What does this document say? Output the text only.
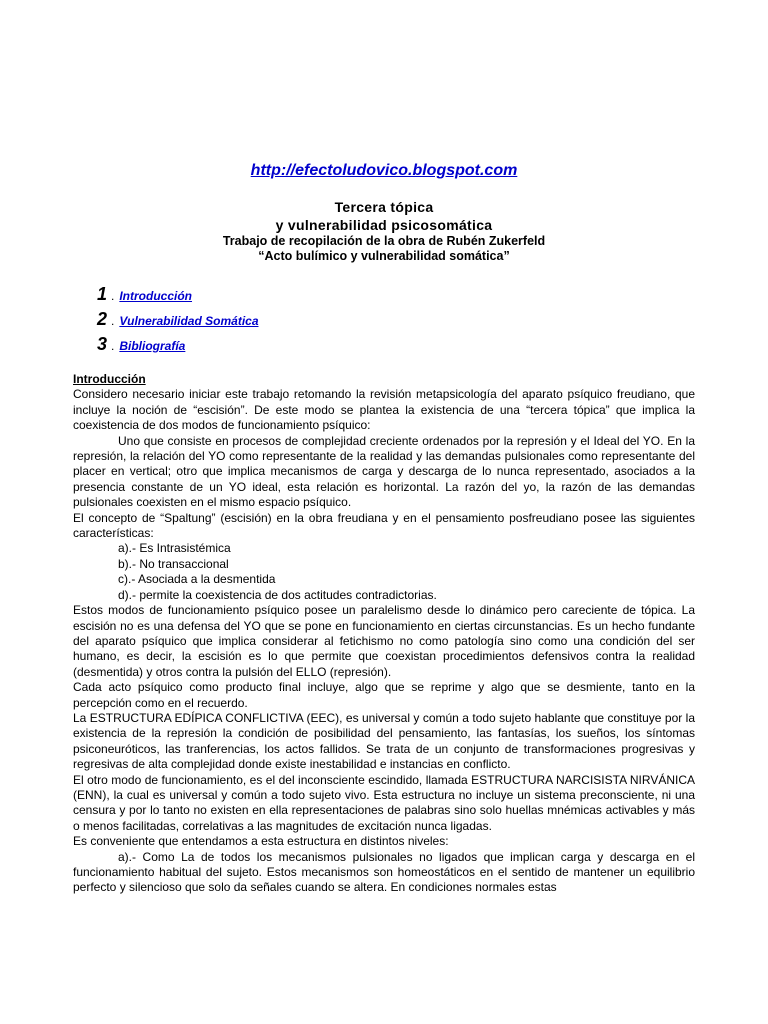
http://efectoludovico.blogspot.com
Tercera tópica
y vulnerabilidad psicosomática
Trabajo de recopilación de la obra de Rubén Zukerfeld
“Acto bulímico y vulnerabilidad somática”
1 . Introducción
2 . Vulnerabilidad Somática
3 . Bibliografía

Introducción

Considero necesario iniciar este trabajo retomando la revisión metapsicología del aparato psíquico freudiano, que incluye la noción de “escisión”. De este modo se plantea la existencia de una “tercera tópica” que implica la coexistencia de dos modos de funcionamiento psíquico:

Uno que consiste en procesos de complejidad creciente ordenados por la represión y el Ideal del YO. En la represión, la relación del YO como representante de la realidad y las demandas pulsionales como representante del placer en vertical; otro que implica mecanismos de carga y descarga de lo nunca representado, asociados a la presencia constante de un YO ideal, esta relación es horizontal. La razón del yo, la razón de las demandas pulsionales coexisten en el mismo espacio psíquico.

El concepto de “Spaltung” (escisión) en la obra freudiana y en el pensamiento posfreudiano posee las siguientes características:

a).- Es Intrasistémica

b).- No transaccional

c).- Asociada a la desmentida

d).- permite la coexistencia de dos actitudes contradictorias.

Estos modos de funcionamiento psíquico posee un paralelismo desde lo dinámico pero careciente de tópica. La escisión no es una defensa del YO que se pone en funcionamiento en ciertas circunstancias. Es un hecho fundante del aparato psíquico que implica considerar al fetichismo no como patología sino como una condición del ser humano, es decir, la escisión es lo que permite que coexistan procedimientos defensivos contra la realidad (desmentida) y otros contra la pulsión del ELLO (represión).

Cada acto psíquico como producto final incluye, algo que se reprime y algo que se desmiente, tanto en la percepción como en el recuerdo.

La ESTRUCTURA EDÍPICA CONFLICTIVA (EEC), es universal y común a todo sujeto hablante que constituye por la existencia de la represión la condición de posibilidad del pensamiento, las fantasías, los sueños, los síntomas psiconeuróticos, las tranferencias, los actos fallidos. Se trata de un conjunto de transformaciones progresivas y regresivas de alta complejidad donde existe inestabilidad e instancias en conflicto.

El otro modo de funcionamiento, es el del inconsciente escindido, llamada ESTRUCTURA NARCISISTA NIRVÁNICA (ENN), la cual es universal y común a todo sujeto vivo. Esta estructura no incluye un sistema preconsciente, ni una censura y por lo tanto no existen en ella representaciones de palabras sino solo huellas mnémicas activables y más o menos facilitadas, correlativas a las magnitudes de excitación nunca ligadas.

Es conveniente que entendamos a esta estructura en distintos niveles:

a).- Como La de todos los mecanismos pulsionales no ligados que implican carga y descarga en el funcionamiento habitual del sujeto. Estos mecanismos son homeostáticos en el sentido de mantener un equilibrio perfecto y silencioso que solo da señales cuando se altera. En condiciones normales estas
